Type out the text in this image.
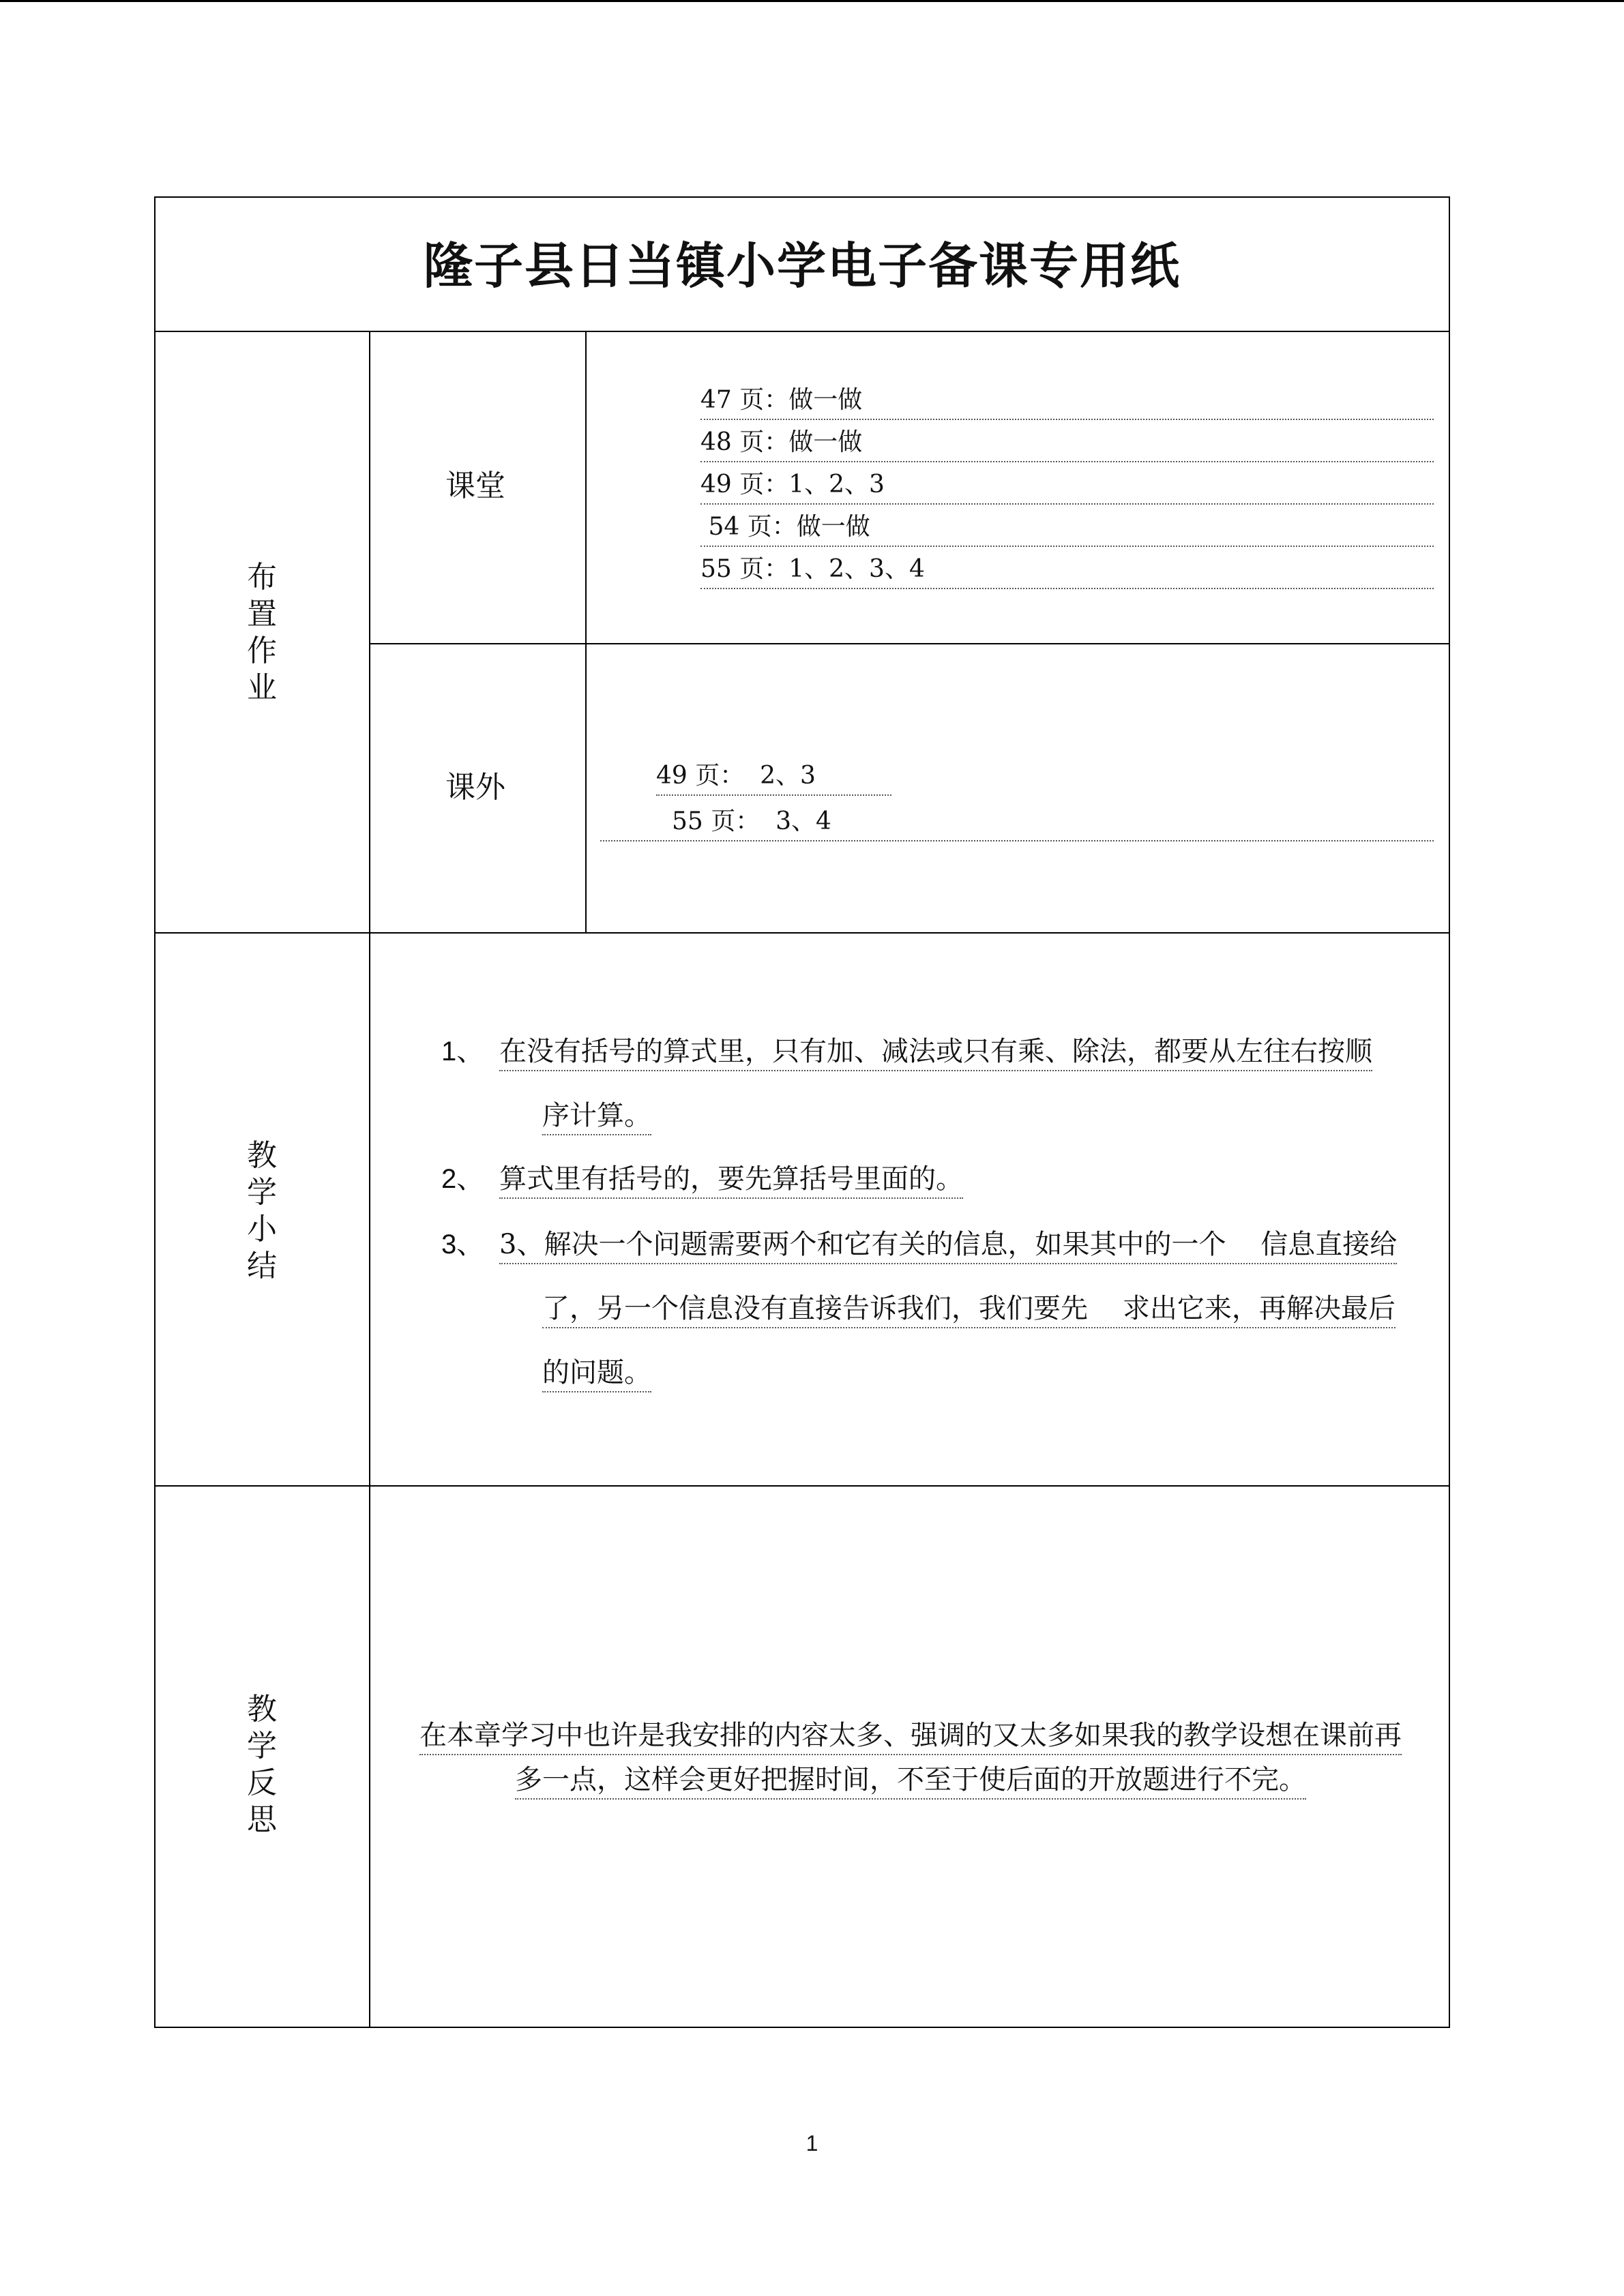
隆子县日当镇小学电子备课专用纸
布
置
作
业
课堂
课外
47 页：做一做
48 页：做一做
49 页：1、2、3
54 页：做一做
55 页：1、2、3、4
49 页：  2、3
55 页：  3、4
教
学
小
结
1、 在没有括号的算式里，只有加、减法或只有乘、除法，都要从左往右按顺
序计算。
2、 算式里有括号的，要先算括号里面的。
3、 3、解决一个问题需要两个和它有关的信息，如果其中的一个    信息直接给
了，另一个信息没有直接告诉我们，我们要先    求出它来，再解决最后
的问题。
教
学
反
思
在本章学习中也许是我安排的内容太多、强调的又太多如果我的教学设想在课前再
多一点，这样会更好把握时间，不至于使后面的开放题进行不完。
1
